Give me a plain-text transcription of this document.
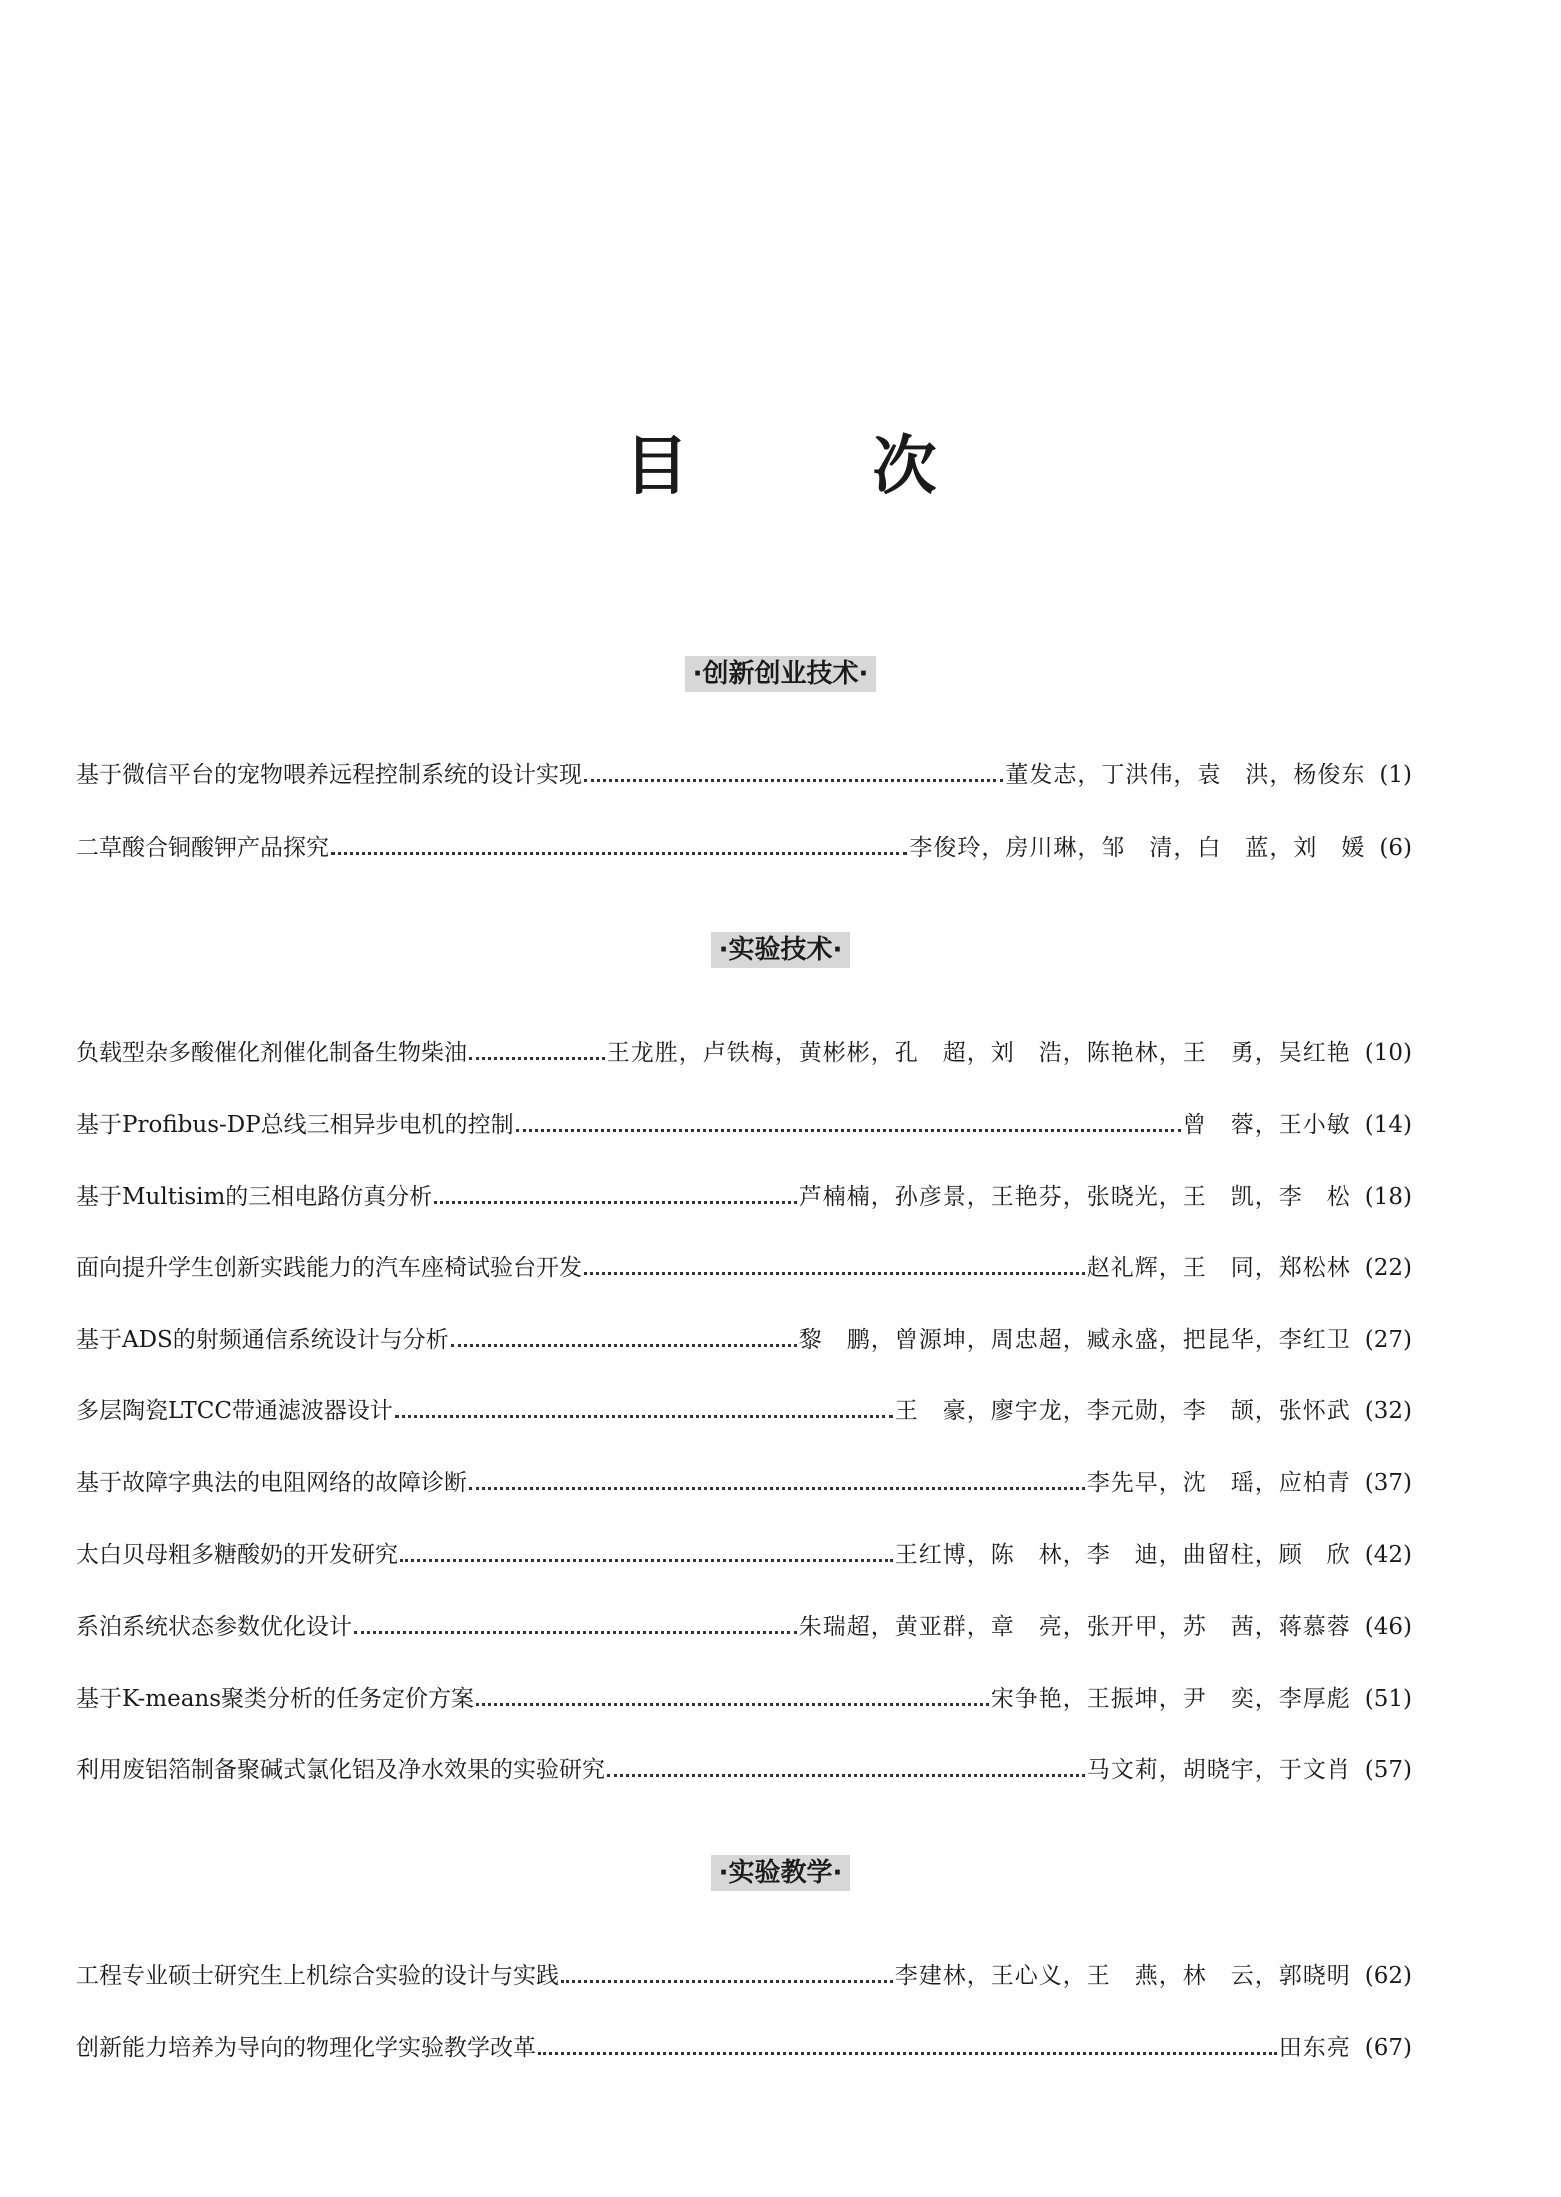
目　次
·创新创业技术·
基于微信平台的宠物喂养远程控制系统的设计实现	董发志，丁洪伟，袁　洪，杨俊东 (1)
二草酸合铜酸钾产品探究	李俊玲，房川琳，邹　清，白　蓝，刘　媛 (6)
·实验技术·
负载型杂多酸催化剂催化制备生物柴油	王龙胜，卢铁梅，黄彬彬，孔　超，刘　浩，陈艳林，王　勇，吴红艳 (10)
基于Profibus-DP总线三相异步电机的控制	曾　蓉，王小敏 (14)
基于Multisim的三相电路仿真分析	芦楠楠，孙彦景，王艳芬，张晓光，王　凯，李　松 (18)
面向提升学生创新实践能力的汽车座椅试验台开发	赵礼辉，王　同，郑松林 (22)
基于ADS的射频通信系统设计与分析	黎　鹏，曾源坤，周忠超，臧永盛，把昆华，李红卫 (27)
多层陶瓷LTCC带通滤波器设计	王　豪，廖宇龙，李元勋，李　颉，张怀武 (32)
基于故障字典法的电阻网络的故障诊断	李先早，沈　瑶，应柏青 (37)
太白贝母粗多糖酸奶的开发研究	王红博，陈　林，李　迪，曲留柱，顾　欣 (42)
系泊系统状态参数优化设计	朱瑞超，黄亚群，章　亮，张开甲，苏　茜，蒋慕蓉 (46)
基于K-means聚类分析的任务定价方案	宋争艳，王振坤，尹　奕，李厚彪 (51)
利用废铝箔制备聚碱式氯化铝及净水效果的实验研究	马文莉，胡晓宇，于文肖 (57)
·实验教学·
工程专业硕士研究生上机综合实验的设计与实践	李建林，王心义，王　燕，林　云，郭晓明 (62)
创新能力培养为导向的物理化学实验教学改革	田东亮 (67)
